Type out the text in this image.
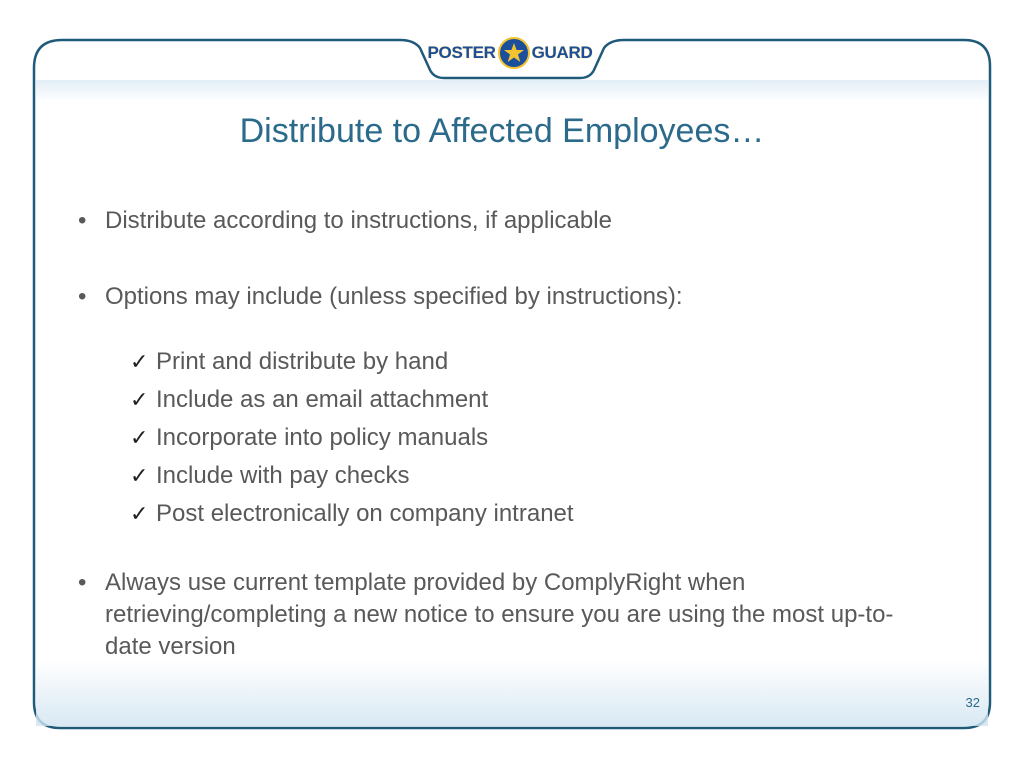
POSTER GUARD
Distribute to Affected Employees…
• Distribute according to instructions, if applicable
• Options may include (unless specified by instructions):
✓ Print and distribute by hand
✓ Include as an email attachment
✓ Incorporate into policy manuals
✓ Include with pay checks
✓ Post electronically on company intranet
• Always use current template provided by ComplyRight when retrieving/completing a new notice to ensure you are using the most up-to-date version
32
